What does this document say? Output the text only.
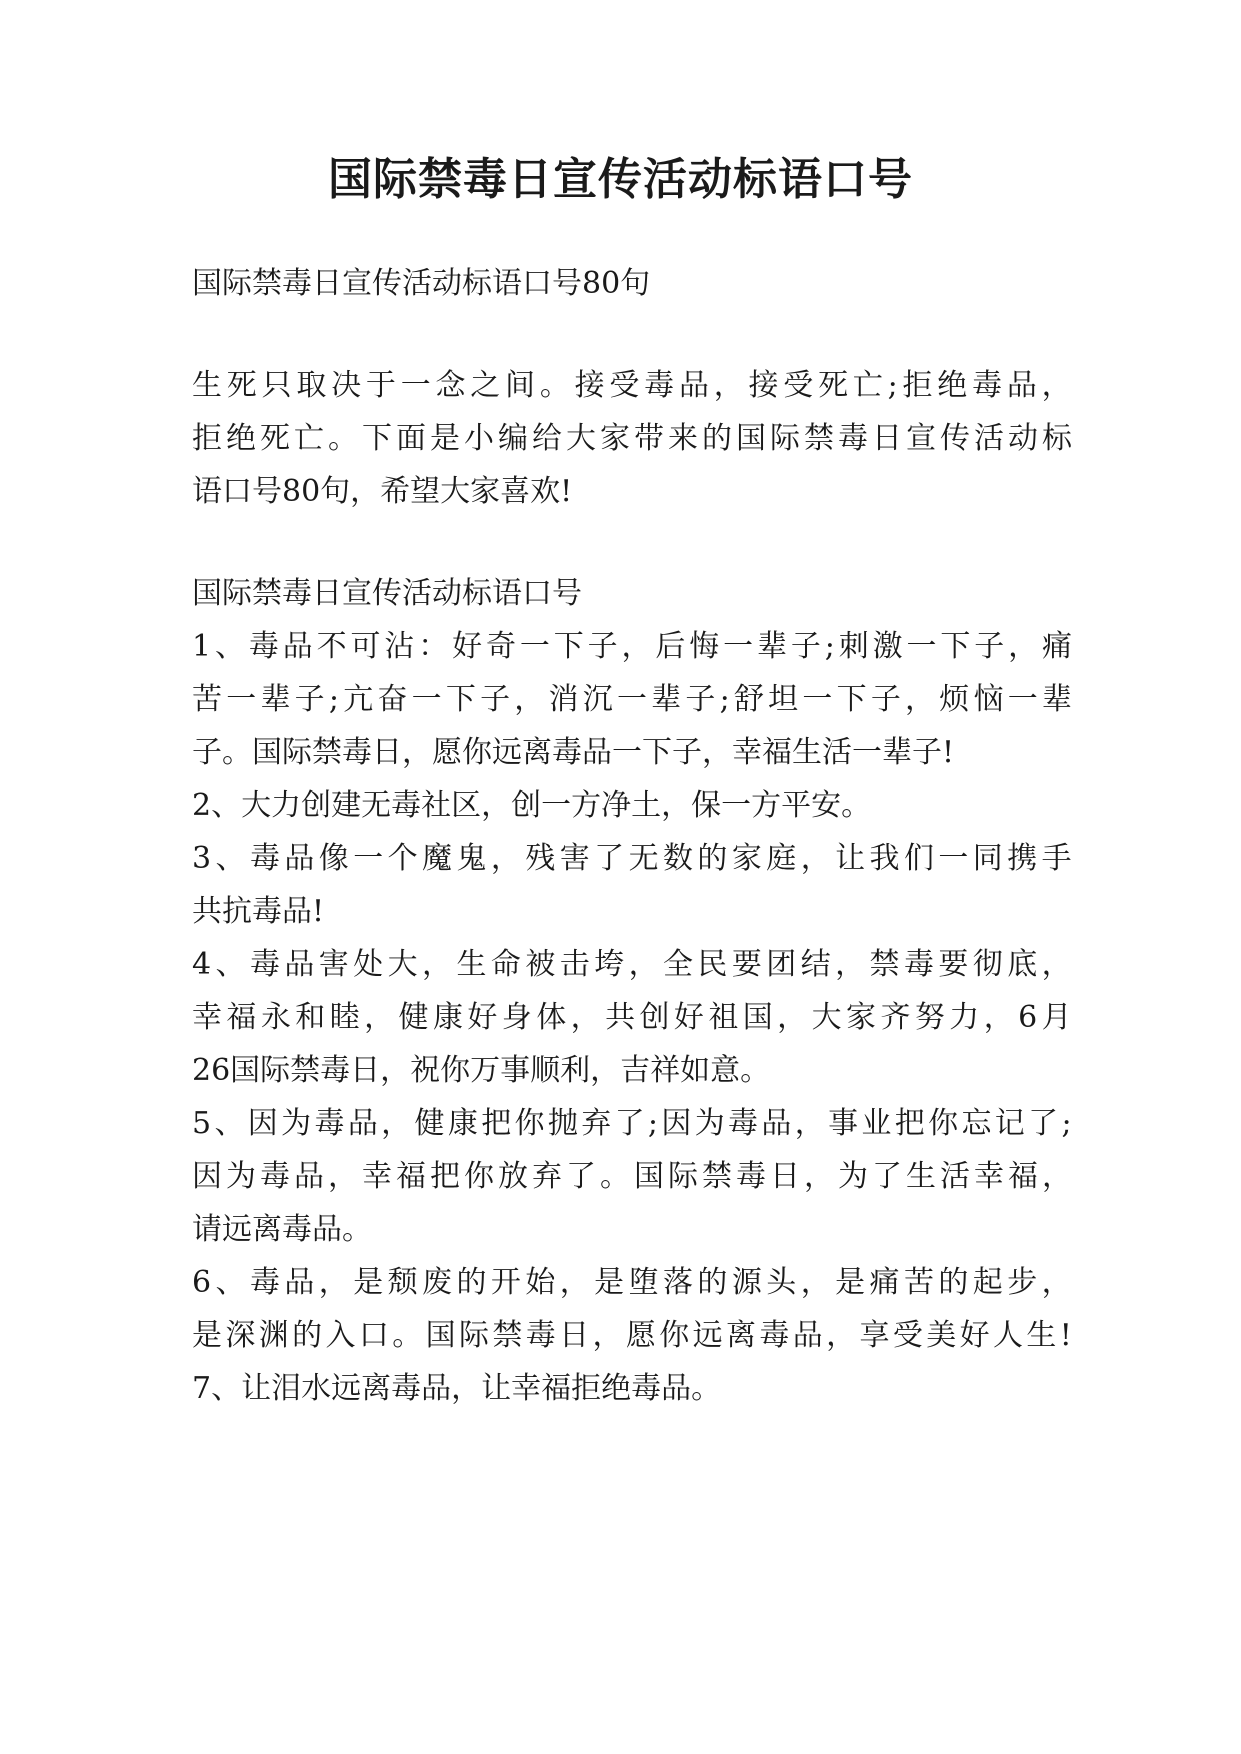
国际禁毒日宣传活动标语口号

国际禁毒日宣传活动标语口号80句

生 死 只 取 决 于 一 念 之 间 。 接 受 毒 品 ， 接 受 死 亡 ; 拒 绝 毒 品 ，

拒 绝 死 亡 。 下 面 是 小 编 给 大 家 带 来 的 国 际 禁 毒 日 宣 传 活 动 标

语口号80句，希望大家喜欢!

国际禁毒日宣传活动标语口号

1 、 毒 品 不 可 沾 ： 好 奇 一 下 子 ， 后 悔 一 辈 子 ; 刺 激 一 下 子 ， 痛

苦 一 辈 子 ; 亢 奋 一 下 子 ， 消 沉 一 辈 子 ; 舒 坦 一 下 子 ， 烦 恼 一 辈

子。国际禁毒日，愿你远离毒品一下子，幸福生活一辈子!

2、大力创建无毒社区，创一方净土，保一方平安。

3 、 毒 品 像 一 个 魔 鬼 ， 残 害 了 无 数 的 家 庭 ， 让 我 们 一 同 携 手

共抗毒品!

4 、 毒 品 害 处 大 ， 生 命 被 击 垮 ， 全 民 要 团 结 ， 禁 毒 要 彻 底 ，

幸 福 永 和 睦 ， 健 康 好 身 体 ， 共 创 好 祖 国 ， 大 家 齐 努 力 ， 6 月

26国际禁毒日，祝你万事顺利，吉祥如意。

5 、 因 为 毒 品 ， 健 康 把 你 抛 弃 了 ; 因 为 毒 品 ， 事 业 把 你 忘 记 了 ;

因 为 毒 品 ， 幸 福 把 你 放 弃 了 。 国 际 禁 毒 日 ， 为 了 生 活 幸 福 ，

请远离毒品。

6 、 毒 品 ， 是 颓 废 的 开 始 ， 是 堕 落 的 源 头 ， 是 痛 苦 的 起 步 ，

是 深 渊 的 入 口 。 国 际 禁 毒 日 ， 愿 你 远 离 毒 品 ， 享 受 美 好 人 生 !

7、让泪水远离毒品，让幸福拒绝毒品。
